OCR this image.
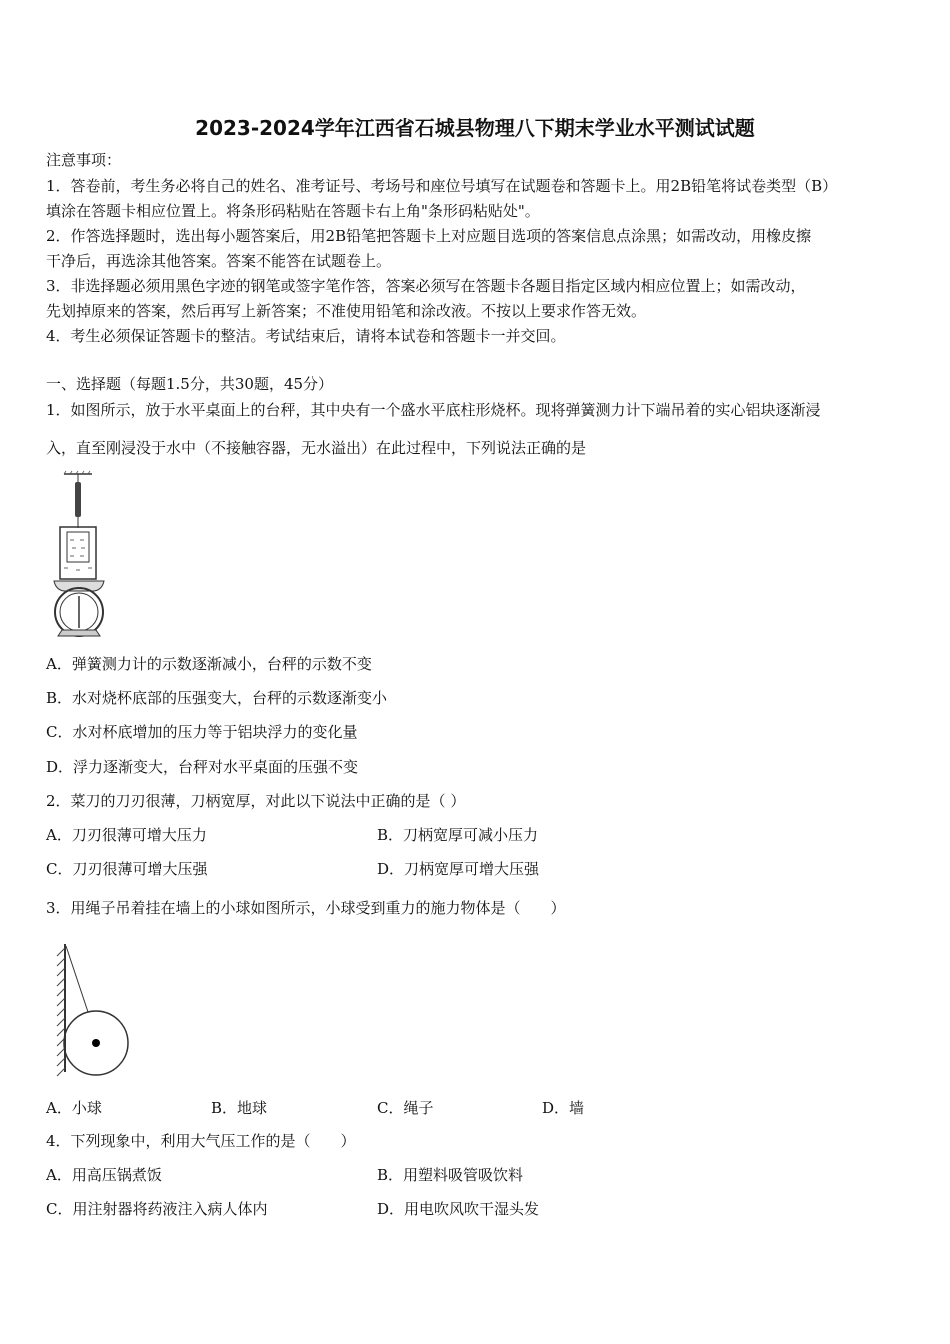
2023-2024学年江西省石城县物理八下期末学业水平测试试题
注意事项：
1．答卷前，考生务必将自己的姓名、准考证号、考场号和座位号填写在试题卷和答题卡上。用2B铅笔将试卷类型（B）
填涂在答题卡相应位置上。将条形码粘贴在答题卡右上角"条形码粘贴处"。
2．作答选择题时，选出每小题答案后，用2B铅笔把答题卡上对应题目选项的答案信息点涂黑；如需改动，用橡皮擦
干净后，再选涂其他答案。答案不能答在试题卷上。
3．非选择题必须用黑色字迹的钢笔或签字笔作答，答案必须写在答题卡各题目指定区域内相应位置上；如需改动，
先划掉原来的答案，然后再写上新答案；不准使用铅笔和涂改液。不按以上要求作答无效。
4．考生必须保证答题卡的整洁。考试结束后，请将本试卷和答题卡一并交回。
一、选择题（每题1.5分，共30题，45分）
1．如图所示，放于水平桌面上的台秤，其中央有一个盛水平底柱形烧杯。现将弹簧测力计下端吊着的实心铝块逐渐浸
入，直至刚浸没于水中（不接触容器，无水溢出）在此过程中，下列说法正确的是
A．弹簧测力计的示数逐渐减小，台秤的示数不变
B．水对烧杯底部的压强变大，台秤的示数逐渐变小
C．水对杯底增加的压力等于铝块浮力的变化量
D．浮力逐渐变大，台秤对水平桌面的压强不变
2．菜刀的刀刃很薄，刀柄宽厚，对此以下说法中正确的是（ ）
A．刀刃很薄可增大压力	B．刀柄宽厚可减小压力
C．刀刃很薄可增大压强	D．刀柄宽厚可增大压强
3．用绳子吊着挂在墙上的小球如图所示，小球受到重力的施力物体是（　　）
A．小球	B．地球	C．绳子	D．墙
4．下列现象中，利用大气压工作的是（　　）
A．用高压锅煮饭	B．用塑料吸管吸饮料
C．用注射器将药液注入病人体内	D．用电吹风吹干湿头发
